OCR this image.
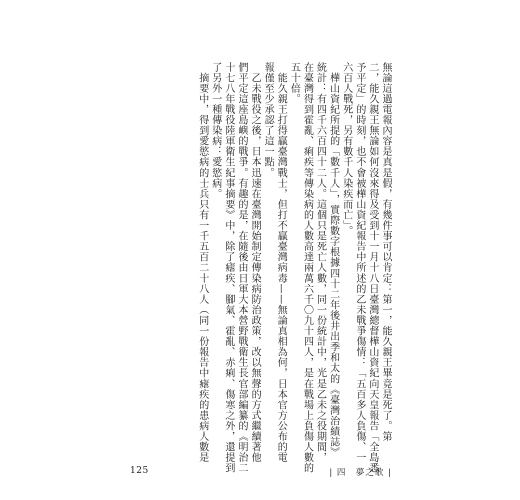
無論這過電報內容是真是假，有幾件事可以肯定：第一，能久親王畢竟是死了。第
二，能久親王無論如何沒來得及受到十一月十八日臺灣總督樺山資紀向天皇報告「全島悉
予平定」的時刻，也不會被樺山資紀報告中所述的乙未戰爭傷情：「五百多人負傷、一
六百人戰死，另有數千人染疾而亡」。
　樺山資紀所提的「數千人」，實際數字根據四十二年後井出季和太的《臺灣治績誌》
統計：有四千六百四十二人。這個只是死亡人數，同一份統計中，光是乙未之役期間，
在臺灣得到霍亂、痢疾等傳染病的人數高達兩萬六千〇九十四人，是在戰場上負傷人數的
五十倍。
　能久親王打得贏臺灣戰士，但打不贏臺灣病毒——無論真相為何，日本官方公布的電
報僅至少承認了這一點。
　乙未戰役之後，日本迅速在臺灣開始制定傳染病防治政策，改以無聲的方式繼續著他
們平定這座島嶼的戰爭。有趣的是，在隨後由日軍大本營野戰衛生長官部編纂的《明治二
十七八年戰役陸軍衛生紀事摘要》中，除了瘧疾、腳氣、霍亂、赤痢、傷寒之外，還提到
了另外一種傳染病：愛慾病。
　摘要中，得到愛慾病的士兵只有一千五百二十八人（同一份報告中瘧疾的患病人數是
125	| 四　夢之歌 |
